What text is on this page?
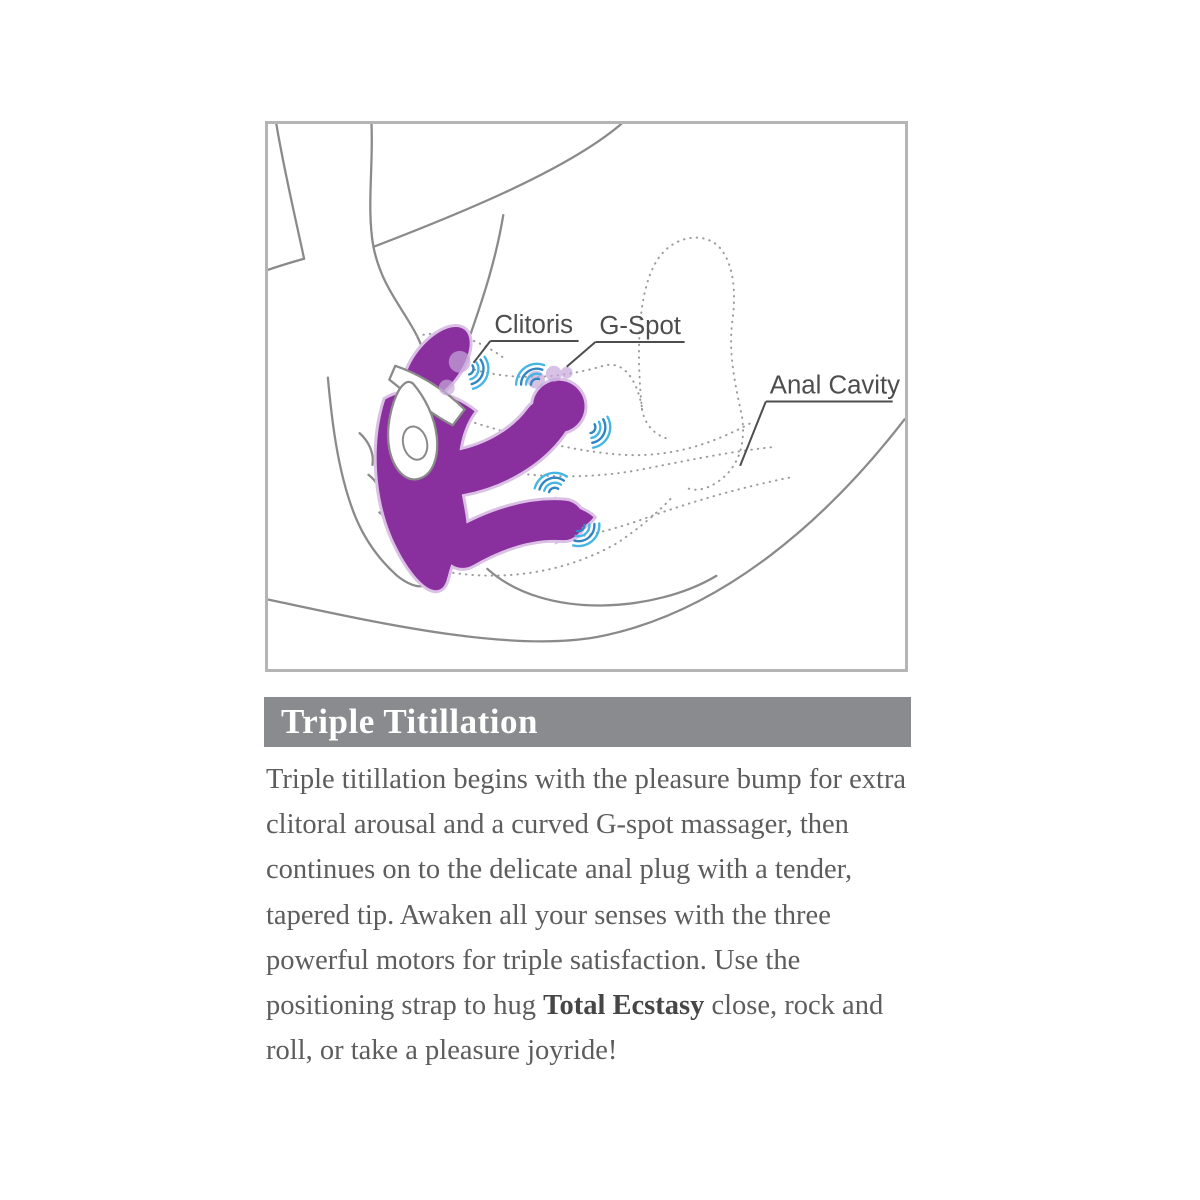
Clitoris G-Spot
Anal Cavity
Triple Titillation

Triple titillation begins with the pleasure bump for extra clitoral arousal and a curved G-spot massager, then continues on to the delicate anal plug with a tender, tapered tip. Awaken all your senses with the three powerful motors for triple satisfaction. Use the positioning strap to hug Total Ecstasy close, rock and roll, or take a pleasure joyride!
